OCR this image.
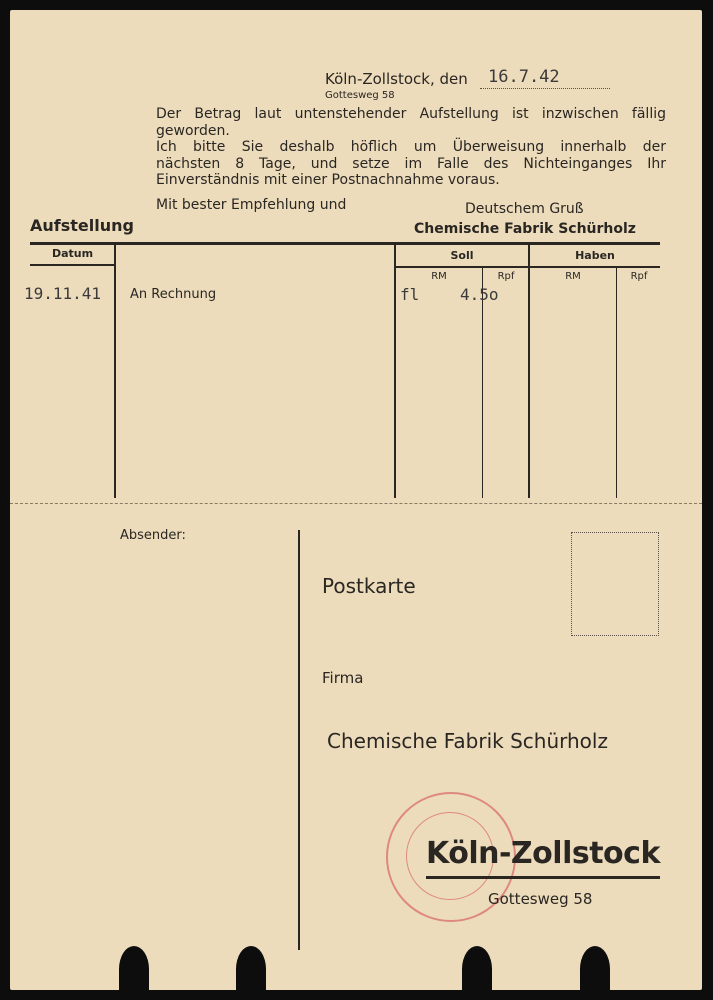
Köln-Zollstock, den 16.7.42
Gottesweg 58
Der Betrag laut untenstehender Aufstellung ist inzwischen fällig
geworden.
Ich bitte Sie deshalb höflich um Überweisung innerhalb der
nächsten 8 Tage, und setze im Falle des Nichteinganges Ihr
Einverständnis mit einer Postnachnahme voraus.
Mit bester Empfehlung und	Deutschem Gruß
Chemische Fabrik Schürholz
Aufstellung
Datum	Soll	Haben
RM	Rpf	RM	Rpf
19.11.41 An Rechnung	fl	4.5o
Absender:
Postkarte
Firma
Chemische Fabrik Schürholz
Köln-Zollstock
Gottesweg 58
